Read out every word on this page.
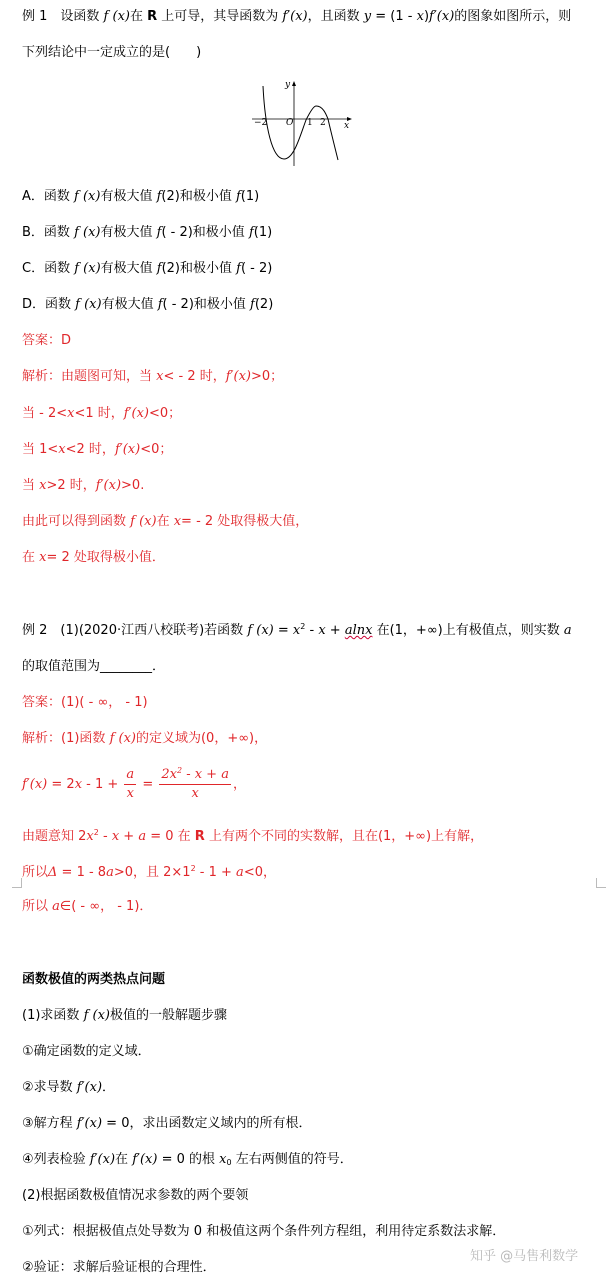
例 1　设函数 f (x)在 R 上可导，其导函数为 f′(x)，且函数 y = (1 - x)f′(x)的图象如图所示，则
下列结论中一定成立的是(　　)
y
x
−2 O 1 2
A．函数 f (x)有极大值 f(2)和极小值 f(1)
B．函数 f (x)有极大值 f( - 2)和极小值 f(1)
C．函数 f (x)有极大值 f(2)和极小值 f( - 2)
D．函数 f (x)有极大值 f( - 2)和极小值 f(2)
答案：D
解析：由题图可知，当 x< - 2 时，f′(x)>0；
当 - 2<x<1 时，f′(x)<0；
当 1<x<2 时，f′(x)<0；
当 x>2 时，f′(x)>0.
由此可以得到函数 f (x)在 x= - 2 处取得极大值，
在 x= 2 处取得极小值．
例 2　(1)(2020·江西八校联考)若函数 f $(x) = x^2 - x + alnx$ 在(1，+∞)上有极值点，则实数 a
的取值范围为________．
答案：(1)( - ∞， - 1)
解析：(1)函数 f (x)的定义域为(0，+∞)，
$f'(x) = 2x - 1 + \frac{a}{x} = \frac{2x^2 - x + a}{x}$ ，
由题意知 $2x^2 - x + a = 0$ 在 R 上有两个不同的实数解，且在(1，+∞)上有解，
所以Δ = 1 - 8a>0，且 $2\times 1^2 - 1 + a<0$，
所以 a∈( - ∞， - 1)．
函数极值的两类热点问题
(1)求函数 f (x)极值的一般解题步骤
①确定函数的定义域．
②求导数 f′(x)．
③解方程 f′(x) = 0，求出函数定义域内的所有根．
④列表检验 f′(x)在 f′(x) = 0 的根 $x_0$ 左右两侧值的符号．
(2)根据函数极值情况求参数的两个要领
①列式：根据极值点处导数为 0 和极值这两个条件列方程组，利用待定系数法求解．
②验证：求解后验证根的合理性．
知乎 @马售利数学
